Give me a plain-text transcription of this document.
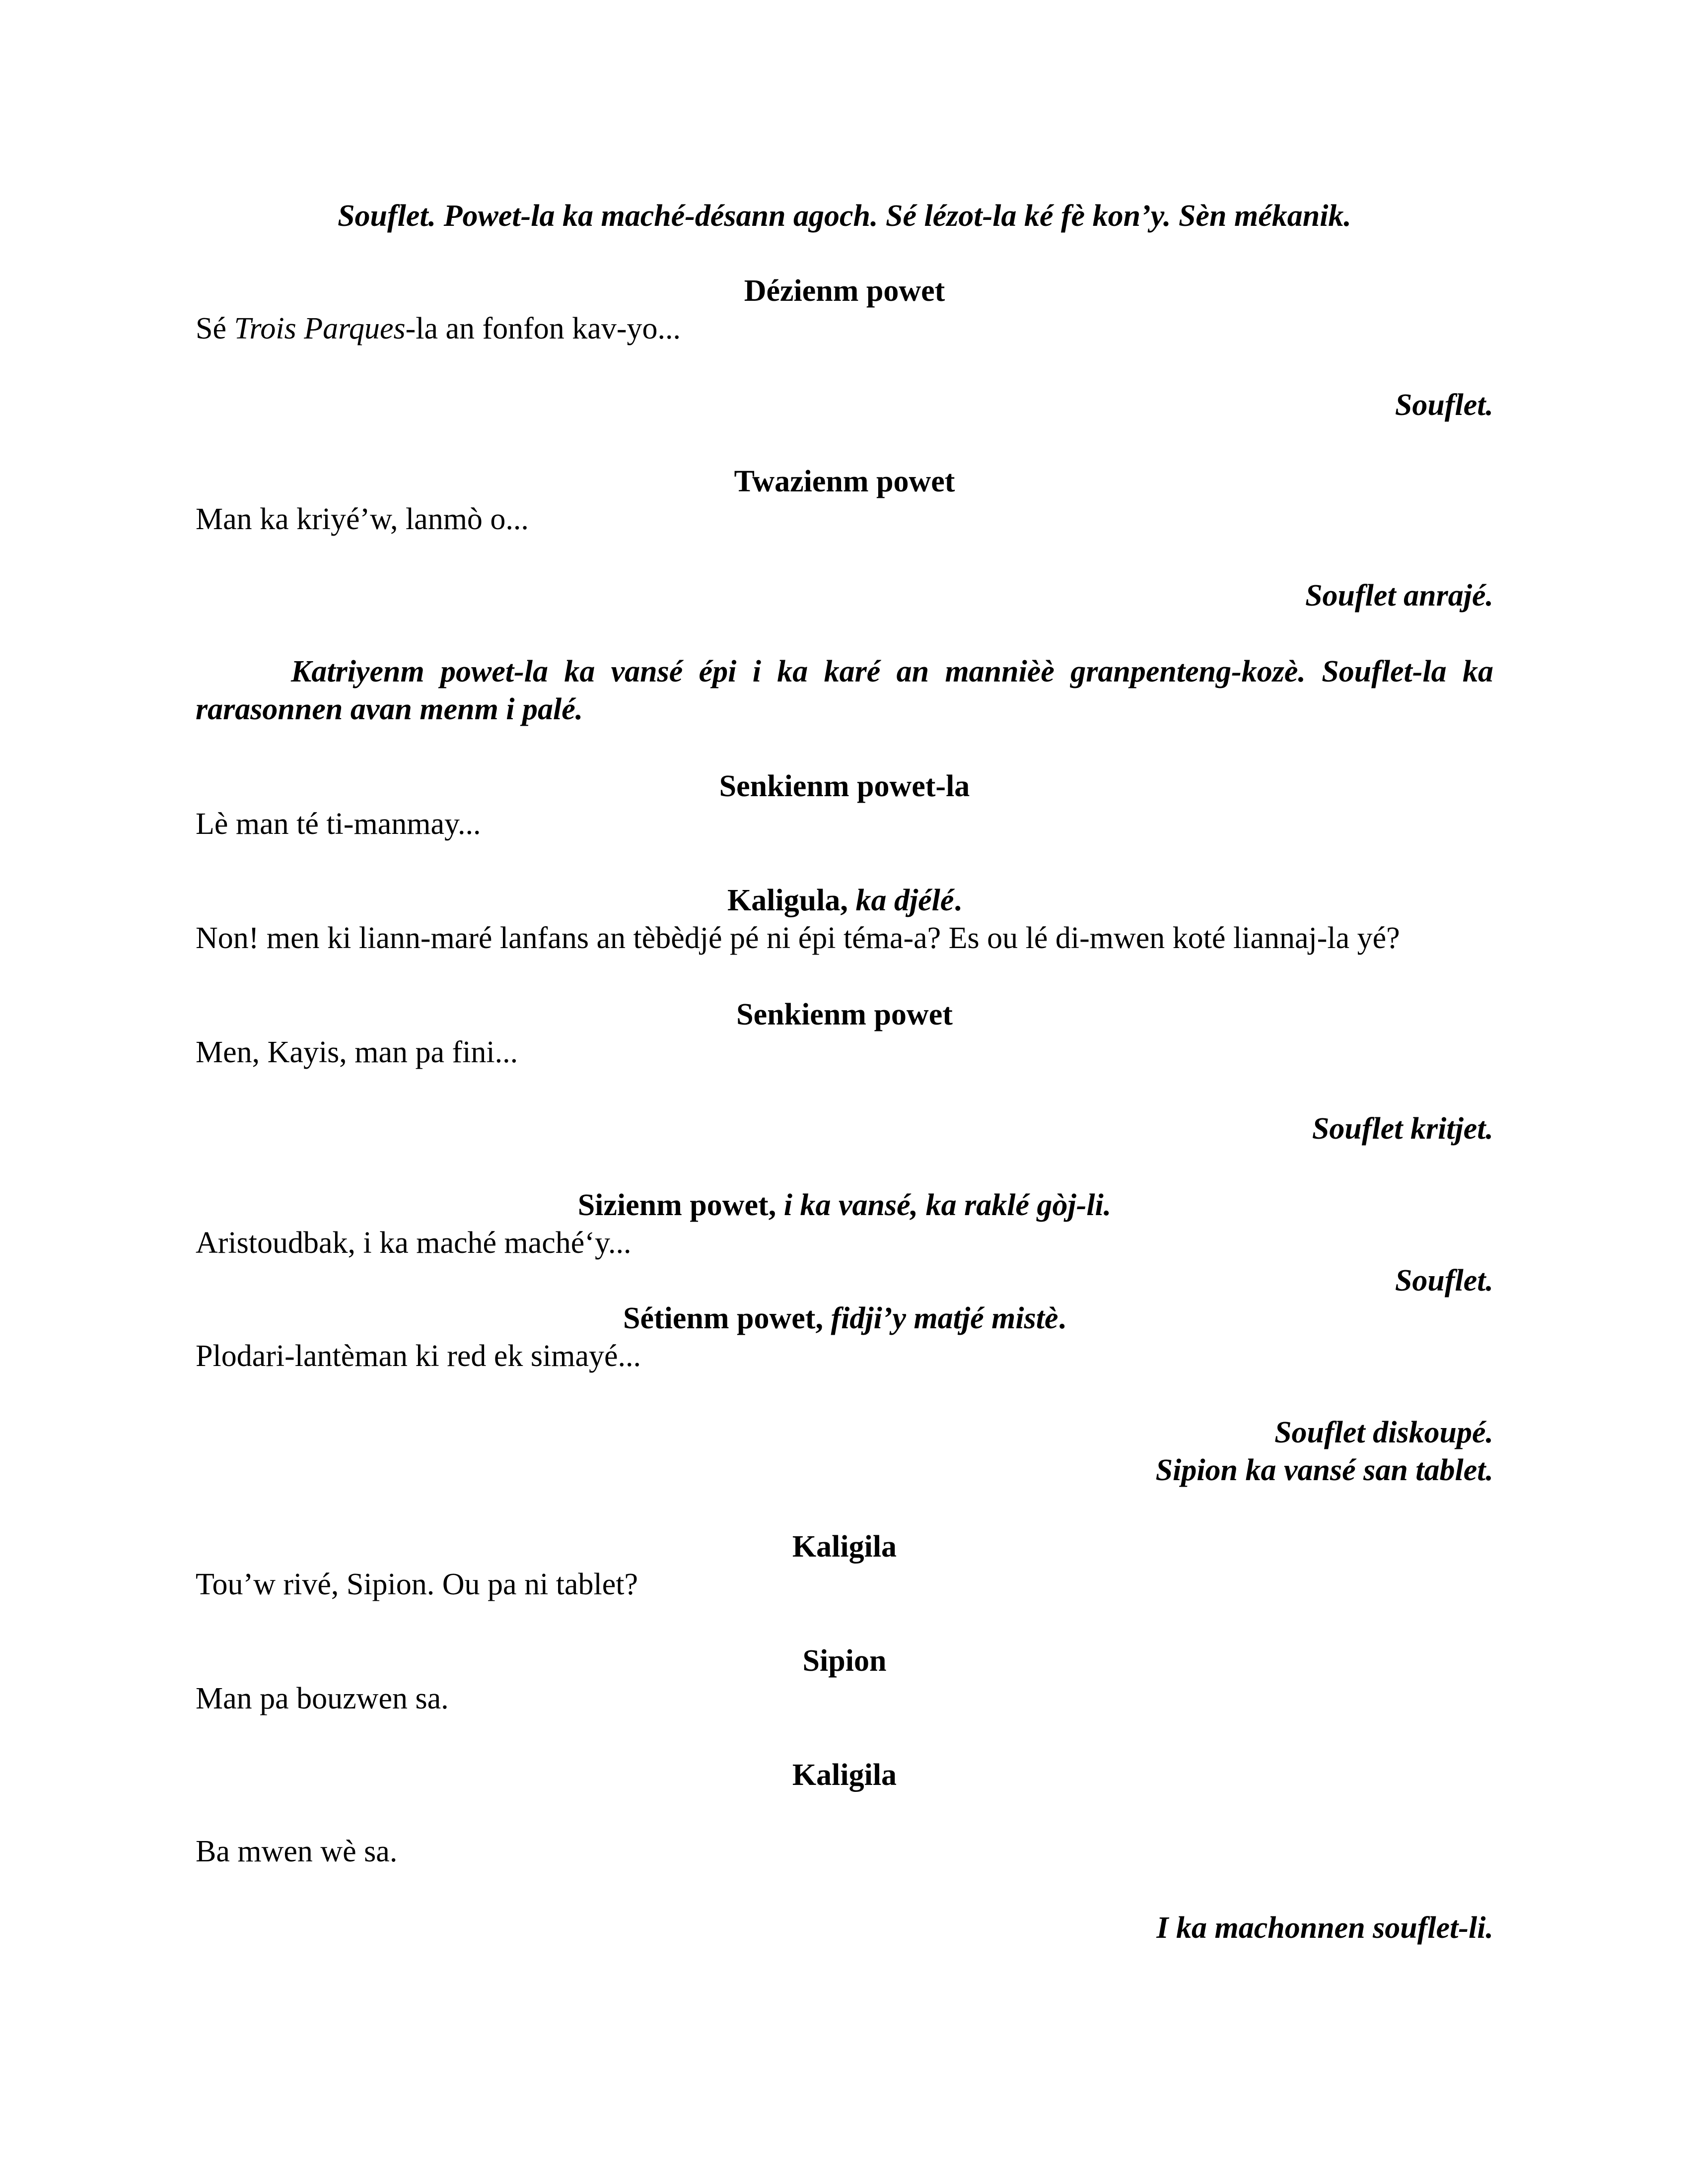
Souflet. Powet-la ka maché-désann agoch. Sé lézot-la ké fè kon’y. Sèn mékanik.

Dézienm powet

Sé Trois Parques-la an fonfon kav-yo...

Souflet.

Twazienm powet

Man ka kriyé’w, lanmò o...

Souflet anrajé.

Katriyenm powet-la ka vansé épi i ka karé an mannièè granpenteng-kozè. Souflet-la ka rarasonnen avan menm i palé.

Senkienm powet-la

Lè man té ti-manmay...

Kaligula, ka djélé.

Non! men ki liann-maré lanfans an tèbèdjé pé ni épi téma-a? Es ou lé di-mwen koté liannaj-la yé?

Senkienm powet

Men, Kayis, man pa fini...

Souflet kritjet.

Sizienm powet, i ka vansé, ka raklé gòj-li.

Aristoudbak, i ka maché maché‘y...

Souflet.

Sétienm powet, fidji’y matjé mistè.

Plodari-lantèman ki red ek simayé...

Souflet diskoupé.

Sipion ka vansé san tablet.

Kaligila

Tou’w rivé, Sipion. Ou pa ni tablet?

Sipion

Man pa bouzwen sa.

Kaligila

Ba mwen wè sa.

I ka machonnen souflet-li.
